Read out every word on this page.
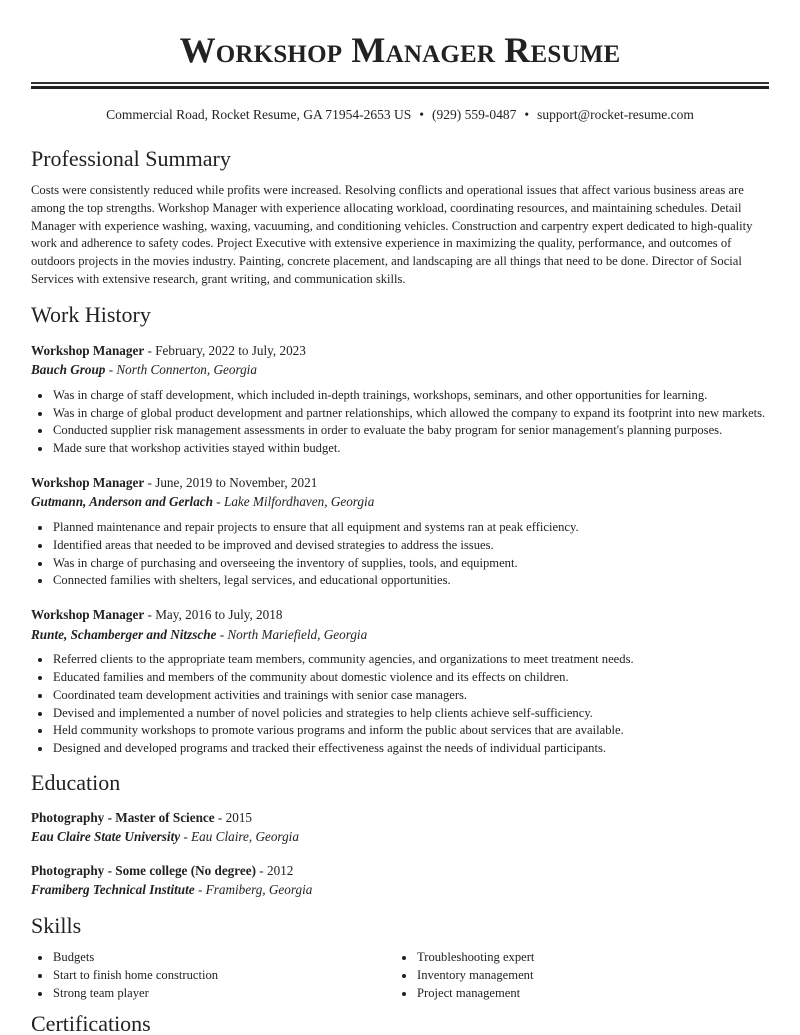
Workshop Manager Resume
Commercial Road, Rocket Resume, GA 71954-2653 US • (929) 559-0487 • support@rocket-resume.com
Professional Summary

Costs were consistently reduced while profits were increased. Resolving conflicts and operational issues that affect various business areas are among the top strengths. Workshop Manager with experience allocating workload, coordinating resources, and maintaining schedules. Detail Manager with experience washing, waxing, vacuuming, and conditioning vehicles. Construction and carpentry expert dedicated to high-quality work and adherence to safety codes. Project Executive with extensive experience in maximizing the quality, performance, and outcomes of outdoors projects in the movies industry. Painting, concrete placement, and landscaping are all things that need to be done. Director of Social Services with extensive research, grant writing, and communication skills.

Work History
Workshop Manager - February, 2022 to July, 2023
Bauch Group - North Connerton, Georgia
Was in charge of staff development, which included in-depth trainings, workshops, seminars, and other opportunities for learning.
Was in charge of global product development and partner relationships, which allowed the company to expand its footprint into new markets.
Conducted supplier risk management assessments in order to evaluate the baby program for senior management's planning purposes.
Made sure that workshop activities stayed within budget.
Workshop Manager - June, 2019 to November, 2021
Gutmann, Anderson and Gerlach - Lake Milfordhaven, Georgia
Planned maintenance and repair projects to ensure that all equipment and systems ran at peak efficiency.
Identified areas that needed to be improved and devised strategies to address the issues.
Was in charge of purchasing and overseeing the inventory of supplies, tools, and equipment.
Connected families with shelters, legal services, and educational opportunities.
Workshop Manager - May, 2016 to July, 2018
Runte, Schamberger and Nitzsche - North Mariefield, Georgia
Referred clients to the appropriate team members, community agencies, and organizations to meet treatment needs.
Educated families and members of the community about domestic violence and its effects on children.
Coordinated team development activities and trainings with senior case managers.
Devised and implemented a number of novel policies and strategies to help clients achieve self-sufficiency.
Held community workshops to promote various programs and inform the public about services that are available.
Designed and developed programs and tracked their effectiveness against the needs of individual participants.
Education
Photography - Master of Science - 2015
Eau Claire State University - Eau Claire, Georgia
Photography - Some college (No degree) - 2012
Framiberg Technical Institute - Framiberg, Georgia
Skills
Budgets
Start to finish home construction
Strong team player
Troubleshooting expert
Inventory management
Project management
Certifications
